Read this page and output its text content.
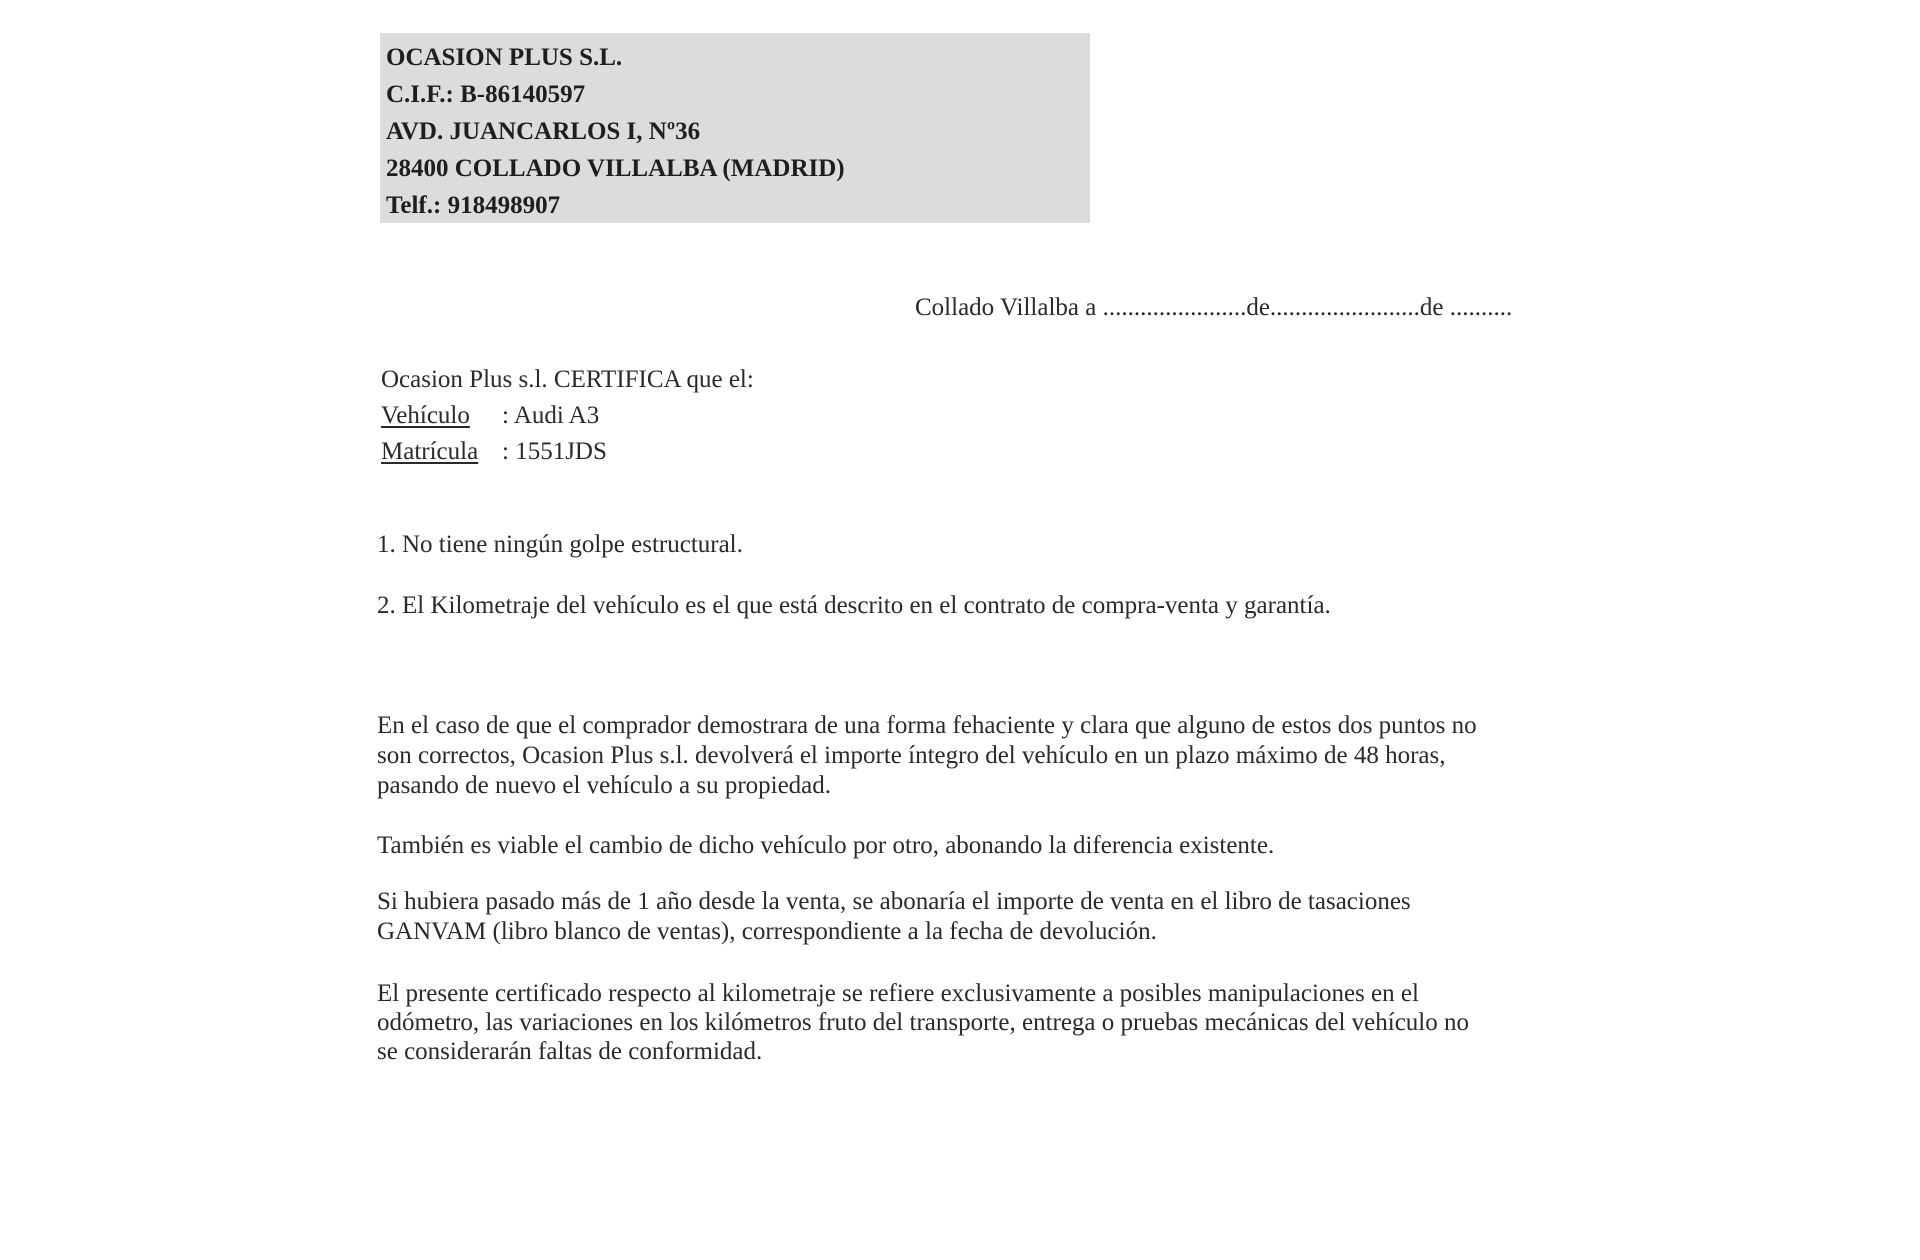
OCASION PLUS S.L.
C.I.F.: B-86140597
AVD. JUANCARLOS I, Nº36
28400 COLLADO VILLALBA (MADRID)
Telf.: 918498907
Collado Villalba a .......................de........................de ..........
Ocasion Plus s.l. CERTIFICA que el:
Vehículo : Audi A3
Matrícula : 1551JDS
1. No tiene ningún golpe estructural.
2. El Kilometraje del vehículo es el que está descrito en el contrato de compra-venta y garantía.
En el caso de que el comprador demostrara de una forma fehaciente y clara que alguno de estos dos puntos no
son correctos, Ocasion Plus s.l. devolverá el importe íntegro del vehículo en un plazo máximo de 48 horas,
pasando de nuevo el vehículo a su propiedad.
También es viable el cambio de dicho vehículo por otro, abonando la diferencia existente.
Si hubiera pasado más de 1 año desde la venta, se abonaría el importe de venta en el libro de tasaciones
GANVAM (libro blanco de ventas), correspondiente a la fecha de devolución.
El presente certificado respecto al kilometraje se refiere exclusivamente a posibles manipulaciones en el
odómetro, las variaciones en los kilómetros fruto del transporte, entrega o pruebas mecánicas del vehículo no
se considerarán faltas de conformidad.
